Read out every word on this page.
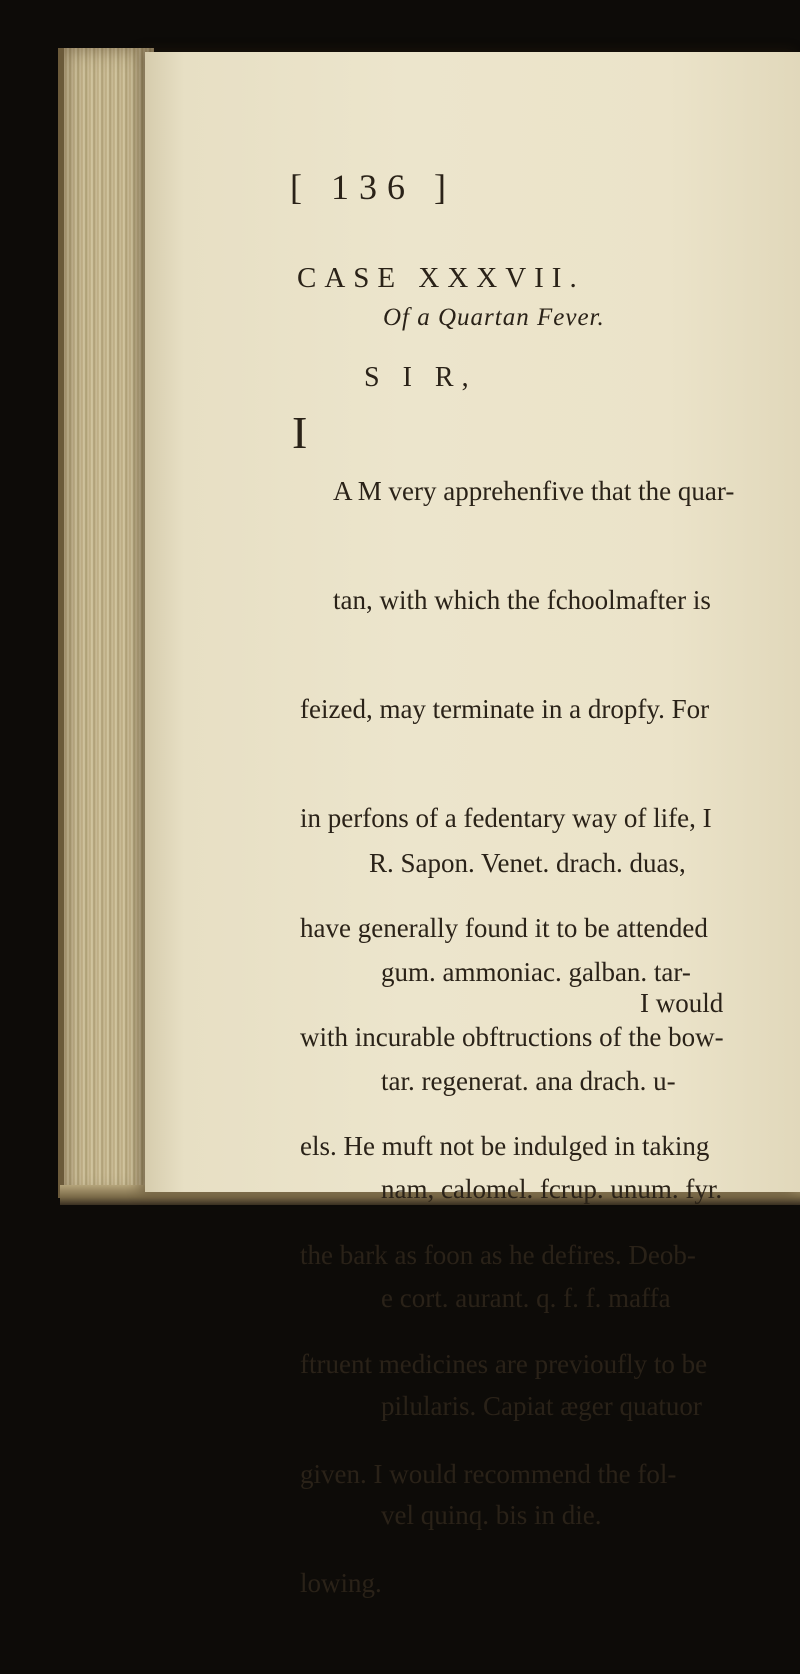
[ 136 ]
CASE XXXVII.
Of a Quartan Fever.
S I R,
I

A M very apprehenfive that the quar-

tan, with which the fchoolmafter is

feized, may terminate in a dropfy. For

in perfons of a fedentary way of life, I

have generally found it to be attended

with incurable obftructions of the bow-

els. He muft not be indulged in taking

the bark as foon as he defires. Deob-

ftruent medicines are previoufly to be

given. I would recommend the fol-

lowing.

R. Sapon. Venet. drach. duas,

gum. ammoniac. galban. tar-

tar. regenerat. ana drach. u-

nam, calomel. fcrup. unum. fyr.

e cort. aurant. q. f. f. maffa

pilularis. Capiat æger quatuor

vel quinq. bis in die.

I would
